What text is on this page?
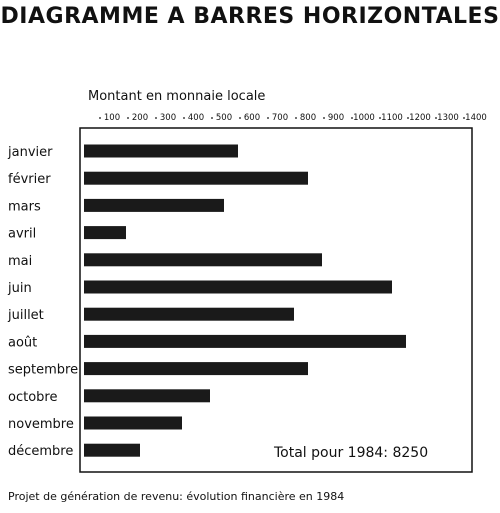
DIAGRAMME A BARRES HORIZONTALES
Montant en monnaie locale
100 200 300 400 500 600 700 800 900 1000 1100 1200 1300 1400
janvier
février
mars
avril
mai
juin
juillet
août
septembre
octobre
novembre
décembre	Total pour 1984: 8250

Projet de génération de revenu: évolution financière en 1984
